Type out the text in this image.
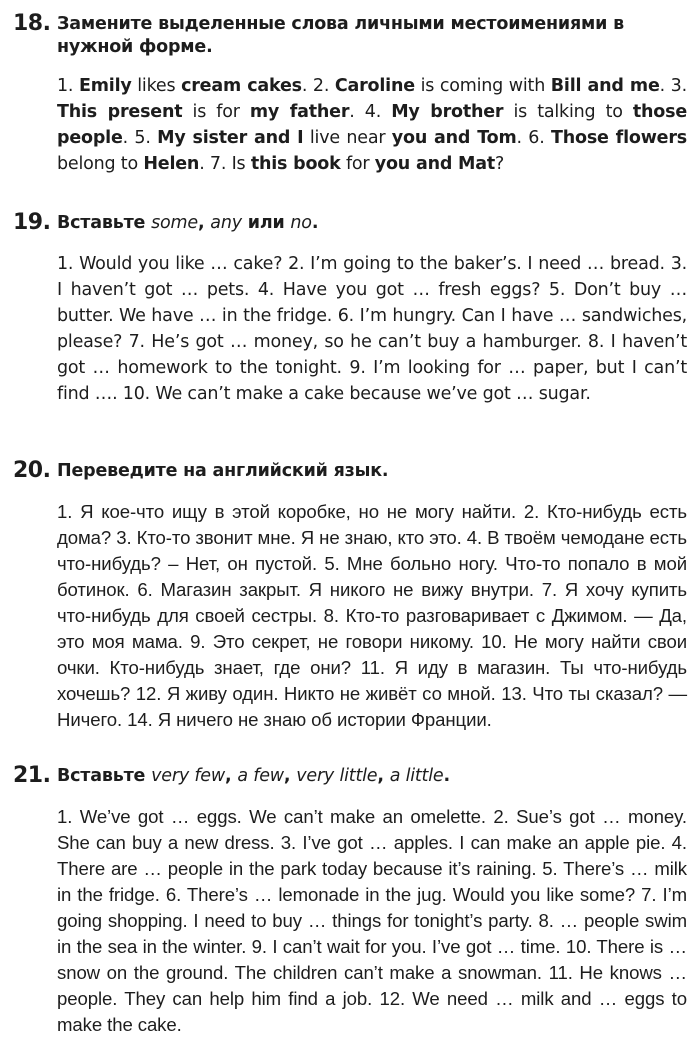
18. Замените выделенные слова личными местоимениями в нужной форме.
1. Emily likes cream cakes. 2. Caroline is coming with Bill and me. 3. This present is for my father. 4. My brother is talking to those people. 5. My sister and I live near you and Tom. 6. Those flowers belong to Helen. 7. Is this book for you and Mat?
19. Вставьте some, any или no.
1. Would you like … cake? 2. I’m going to the baker’s. I need … bread. 3. I haven’t got … pets. 4. Have you got … fresh eggs? 5. Don’t buy … butter. We have … in the fridge. 6. I’m hungry. Can I have … sandwiches, please? 7. He’s got … money, so he can’t buy a hamburger. 8. I haven’t got … homework to the tonight. 9. I’m looking for … paper, but I can’t find …. 10. We can’t make a cake because we’ve got … sugar.
20. Переведите на английский язык.
1. Я кое-что ищу в этой коробке, но не могу найти. 2. Кто-нибудь есть дома? 3. Кто-то звонит мне. Я не знаю, кто это. 4. В твоём чемодане есть что-нибудь? – Нет, он пустой. 5. Мне больно ногу. Что-то попало в мой ботинок. 6. Магазин закрыт. Я никого не вижу внутри. 7. Я хочу купить что-нибудь для своей сестры. 8. Кто-то разговаривает с Джимом. — Да, это моя мама. 9. Это секрет, не говори никому. 10. Не могу найти свои очки. Кто-нибудь знает, где они? 11. Я иду в магазин. Ты что-нибудь хочешь? 12. Я живу один. Никто не живёт со мной. 13. Что ты сказал? — Ничего. 14. Я ничего не знаю об истории Франции.
21. Вставьте very few, a few, very little, a little.
1. We’ve got … eggs. We can’t make an omelette. 2. Sue’s got … money. She can buy a new dress. 3. I’ve got … apples. I can make an apple pie. 4. There are … people in the park today because it’s raining. 5. There’s … milk in the fridge. 6. There’s … lemonade in the jug. Would you like some? 7. I’m going shopping. I need to buy … things for tonight’s party. 8. … people swim in the sea in the winter. 9. I can’t wait for you. I’ve got … time. 10. There is … snow on the ground. The children can’t make a snowman. 11. He knows … people. They can help him find a job. 12. We need … milk and … eggs to make the cake.
